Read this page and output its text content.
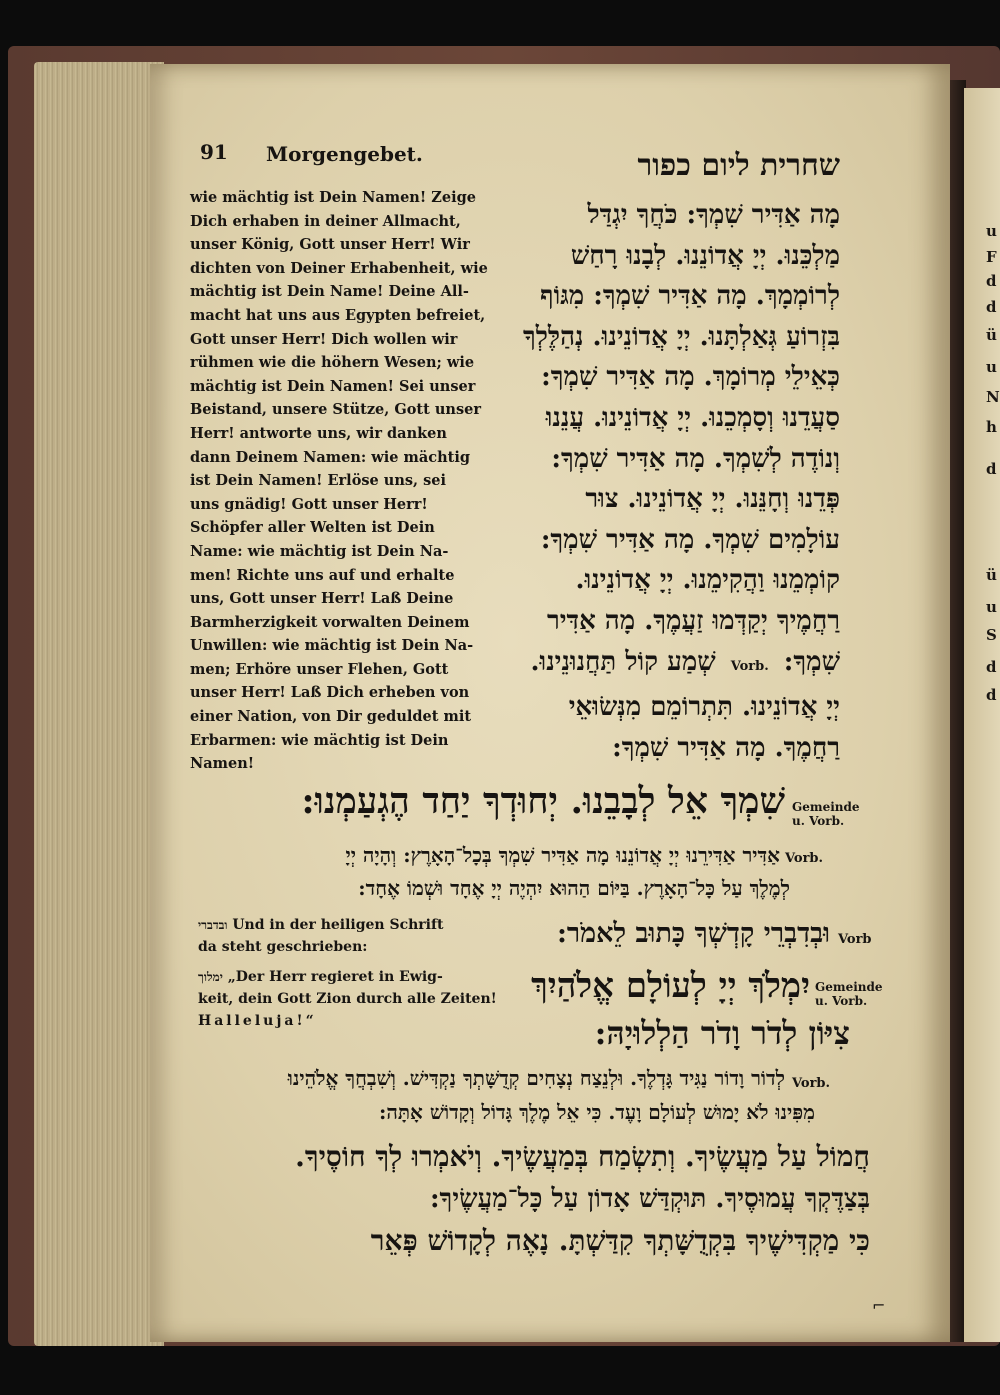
u
F
d
d
ü
u
N
h
d
ü
u
S
d
d
91 Morgengebet.	שחרית ליום כפור
wie mächtig ist Dein Namen! Zeige
Dich erhaben in deiner Allmacht,
unser König, Gott unser Herr! Wir
dichten von Deiner Erhabenheit, wie
mächtig ist Dein Name! Deine All-
macht hat uns aus Egypten befreiet,
Gott unser Herr! Dich wollen wir
rühmen wie die höhern Wesen; wie
mächtig ist Dein Namen! Sei unser
Beistand, unsere Stütze, Gott unser
Herr! antworte uns, wir danken
dann Deinem Namen: wie mächtig
ist Dein Namen! Erlöse uns, sei
uns gnädig! Gott unser Herr!
Schöpfer aller Welten ist Dein
Name: wie mächtig ist Dein Na-
men! Richte uns auf und erhalte
uns, Gott unser Herr! Laß Deine
Barmherzigkeit vorwalten Deinem
Unwillen: wie mächtig ist Dein Na-
men; Erhöre unser Flehen, Gott
unser Herr! Laß Dich erheben von
einer Nation, von Dir geduldet mit
Erbarmen: wie mächtig ist Dein
Namen!
מָה אַדִּיר שִׁמְךָ: כֹּחֲךָ יִגְדַּל
מַלְכֵּנוּ. יְיָ אֲדוֹנֵנוּ. לְבָנוּ רָחַשׁ
לְרוֹמְמָךְ. מָה אַדִּיר שִׁמְךָ: מִגּוֹף
בִּזְרוֹעַ גְּאַלְתָּנוּ. יְיָ אֲדוֹנֵינוּ. נְהַלֶּלְךָ
כְּאֵילֵי מְרוֹמָךְ. מָה אַדִּיר שִׁמְךָ:
סַעֲדֵנוּ וְסָמְכֵנוּ. יְיָ אֲדוֹנֵינוּ. עֲנֵנוּ
וְנוֹדֶה לְשִׁמְךָ. מָה אַדִּיר שִׁמְךָ:
פְּדֵנוּ וְחָנֵּנוּ. יְיָ אֲדוֹנֵינוּ. צוּר
עוֹלָמִים שִׁמְךָ. מָה אַדִּיר שִׁמְךָ:
קוֹמְמֵנוּ וַהֲקִימֵנוּ. יְיָ אֲדוֹנֵינוּ.
רַחֲמֶיךָ יְקַדְּמוּ זַעֲמֶךָ. מָה אַדִּיר
שִׁמְךָ: Vorb. שְׁמַע קוֹל תַּחֲנוּנֵינוּ.
יְיָ אֲדוֹנֵינוּ. תִּתְרוֹמֵם מִנְּשׂוּאֵי
רַחֲמֶךָ. מָה אַדִּיר שִׁמְךָ:
שִׁמְךָ אֵל לְבָבֵנוּ. יְחוּדְךָ יַחַד הֶגְעַמְנוּ: Gemeinde
u. Vorb.
אַדִּיר אַדִּירֵנוּ יְיָ אֲדוֹנֵנוּ מָה אַדִּיר שִׁמְךָ בְּכָל־הָאָרֶץ: וְהָיָה יְיָ Vorb.
לְמֶלֶךְ עַל כָּל־הָאָרֶץ. בַּיּוֹם הַהוּא יִהְיֶה יְיָ אֶחָד וּשְׁמוֹ אֶחָד:
ובדברי Und in der heiligen Schrift
da steht geschrieben:
ימלוך „Der Herr regieret in Ewig-
keit, dein Gott Zion durch alle Zeiten!
Halleluja!“
וּבְדִבְרֵי קָדְשְׁךָ כָּתוּב לֵאמֹר: Vorb
יִמְלֹךְ יְיָ לְעוֹלָם אֱלֹהַיִךְ Gemeinde
u. Vorb.
צִיּוֹן לְדֹר וָדֹר הַלְלוּיָהּ:
לְדוֹר וָדוֹר נַגִּיד גָּדְלֶךָ. וּלְנֵצַח נְצָחִים קְדֻשָּׁתְךָ נַקְדִּישׁ. וְשִׁבְחֲךָ אֱלֹהֵינוּ Vorb.
מִפִּינוּ לֹא יָמוּשׁ לְעוֹלָם וָעֶד. כִּי אֵל מֶלֶךְ גָּדוֹל וְקָדוֹשׁ אָתָּה:
חֲמוֹל עַל מַעֲשֶׂיךָ. וְתִשְׂמַח בְּמַעֲשֶׂיךָ. וְיֹאמְרוּ לְךָ חוֹסֶיךָ.
בְּצַדֶּקְךָ עֲמוּסֶיךָ. תּוּקְדַּשׁ אָדוֹן עַל כָּל־מַעֲשֶׂיךָ:
כִּי מַקְדִּישֶׁיךָ בִּקְדֻשָּׁתְךָ קִדַּשְׁתָּ. נָאֶה לְקָדוֹשׁ פְּאֵר
⌐
